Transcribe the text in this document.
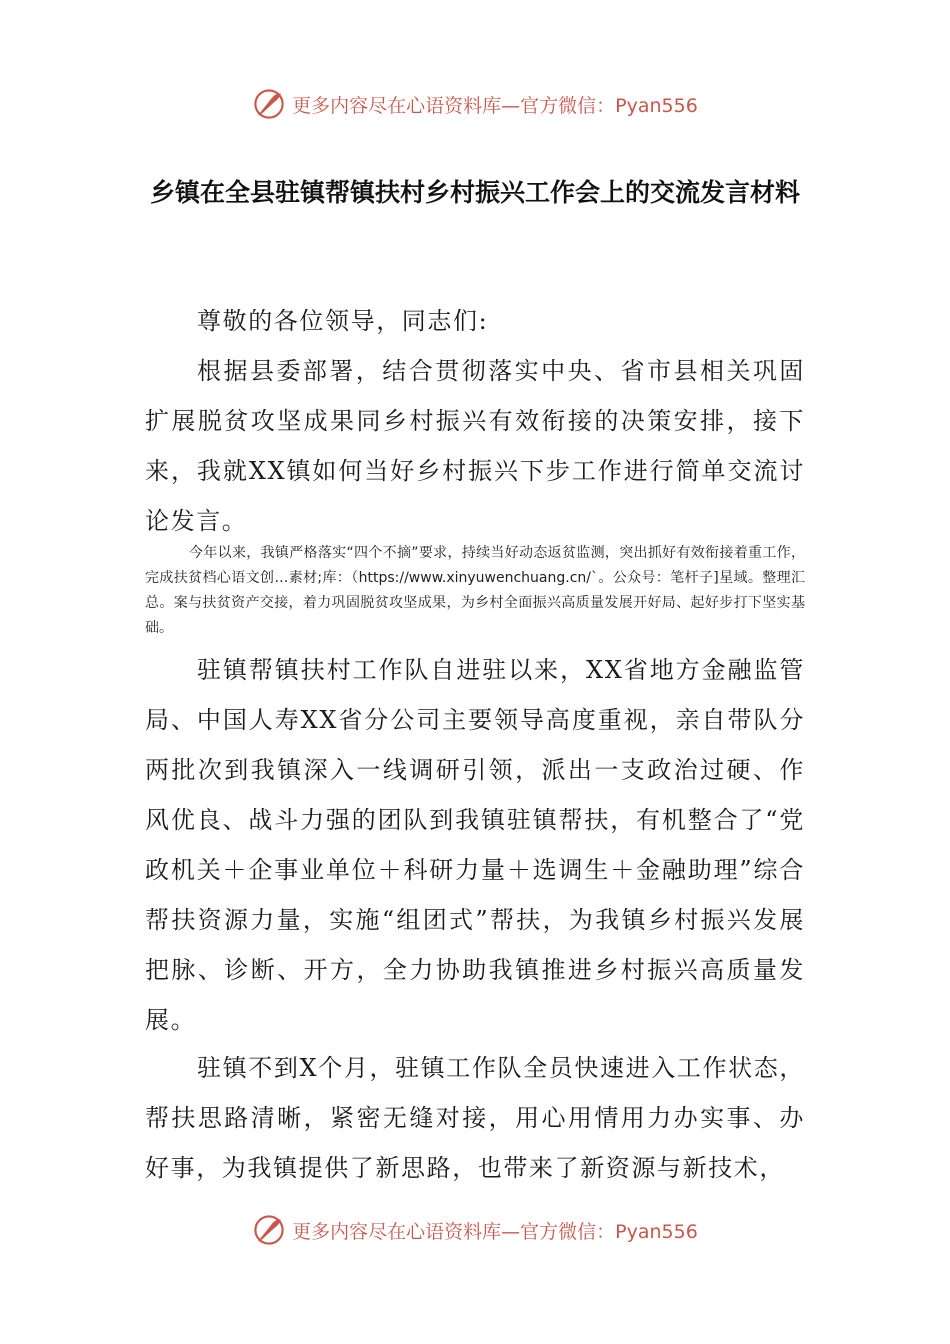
更多内容尽在心语资料库—官方微信：Pyan556
乡镇在全县驻镇帮镇扶村乡村振兴工作会上的交流发言材料

尊敬的各位领导，同志们:

根据县委部署，结合贯彻落实中央、省市县相关巩固扩展脱贫攻坚成果同乡村振兴有效衔接的决策安排，接下来，我就XX镇如何当好乡村振兴下步工作进行简单交流讨论发言。

今年以来，我镇严格落实“四个不摘”要求，持续当好动态返贫监测，突出抓好有效衔接着重工作，完成扶贫档心语文创…素材;库：（https://www.xinyuwenchuang.cn/`。公众号：笔杆子]星域。整理汇总。案与扶贫资产交接，着力巩固脱贫攻坚成果，为乡村全面振兴高质量发展开好局、起好步打下坚实基础。

驻镇帮镇扶村工作队自进驻以来，XX省地方金融监管局、中国人寿XX省分公司主要领导高度重视，亲自带队分两批次到我镇深入一线调研引领，派出一支政治过硬、作风优良、战斗力强的团队到我镇驻镇帮扶，有机整合了“党政机关＋企事业单位＋科研力量＋选调生＋金融助理”综合帮扶资源力量，实施“组团式”帮扶，为我镇乡村振兴发展把脉、诊断、开方，全力协助我镇推进乡村振兴高质量发展。

驻镇不到X个月，驻镇工作队全员快速进入工作状态，帮扶思路清晰，紧密无缝对接，用心用情用力办实事、办好事，为我镇提供了新思路，也带来了新资源与新技术，

更多内容尽在心语资料库—官方微信：Pyan556
